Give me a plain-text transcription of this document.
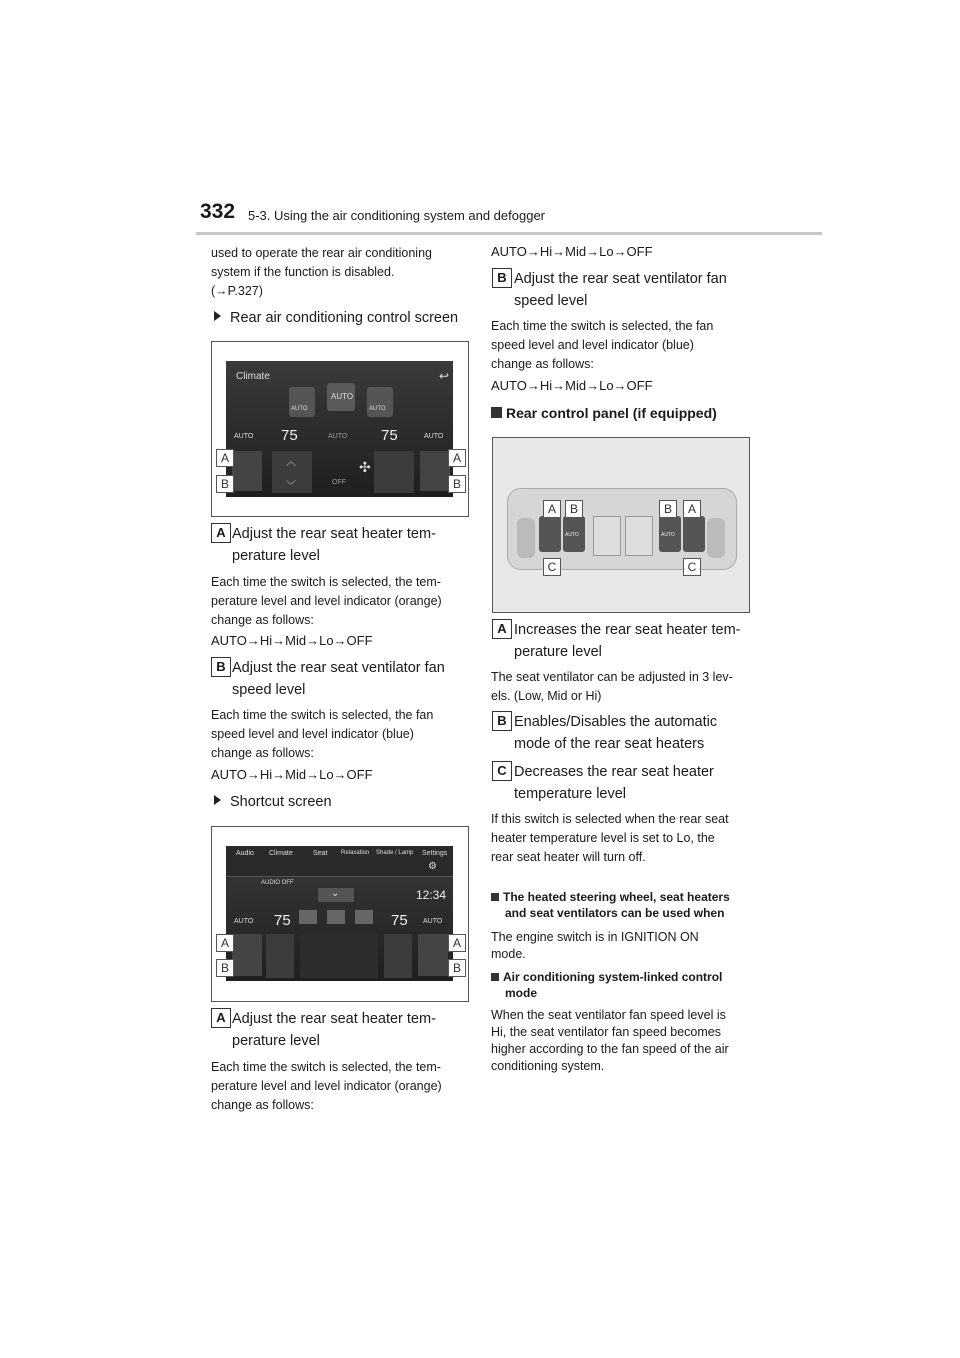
332 5-3. Using the air conditioning system and defogger
used to operate the rear air conditioning
system if the function is disabled.
(→P.327)
Rear air conditioning control screen
Climate	↩
AUTO
AUTO
AUTO
AUTO 75	AUTO 75	AUTO
︿
﹀
✣
OFF
A
B
A
B
A Adjust the rear seat heater tem-
perature level
Each time the switch is selected, the tem-
perature level and level indicator (orange)
change as follows:
AUTO→Hi→Mid→Lo→OFF
B Adjust the rear seat ventilator fan
speed level
Each time the switch is selected, the fan
speed level and level indicator (blue)
change as follows:
AUTO→Hi→Mid→Lo→OFF
Shortcut screen
Audio Climate	Seat Relaxation Shade / Lamp Settings
⚙
AUDIO OFF
⌄	12:34
AUTO 75	75 AUTO
A
B
A
B
A Adjust the rear seat heater tem-
perature level
Each time the switch is selected, the tem-
perature level and level indicator (orange)
change as follows:
AUTO→Hi→Mid→Lo→OFF
B Adjust the rear seat ventilator fan
speed level
Each time the switch is selected, the fan
speed level and level indicator (blue)
change as follows:
AUTO→Hi→Mid→Lo→OFF
Rear control panel (if equipped)
AUTO	AUTO
A	B	B	A
C	C
A Increases the rear seat heater tem-
perature level
The seat ventilator can be adjusted in 3 lev-
els. (Low, Mid or Hi)
B Enables/Disables the automatic
mode of the rear seat heaters
C Decreases the rear seat heater
temperature level
If this switch is selected when the rear seat
heater temperature level is set to Lo, the
rear seat heater will turn off.
The heated steering wheel, seat heaters
and seat ventilators can be used when
The engine switch is in IGNITION ON
mode.
Air conditioning system-linked control
mode
When the seat ventilator fan speed level is
Hi, the seat ventilator fan speed becomes
higher according to the fan speed of the air
conditioning system.
